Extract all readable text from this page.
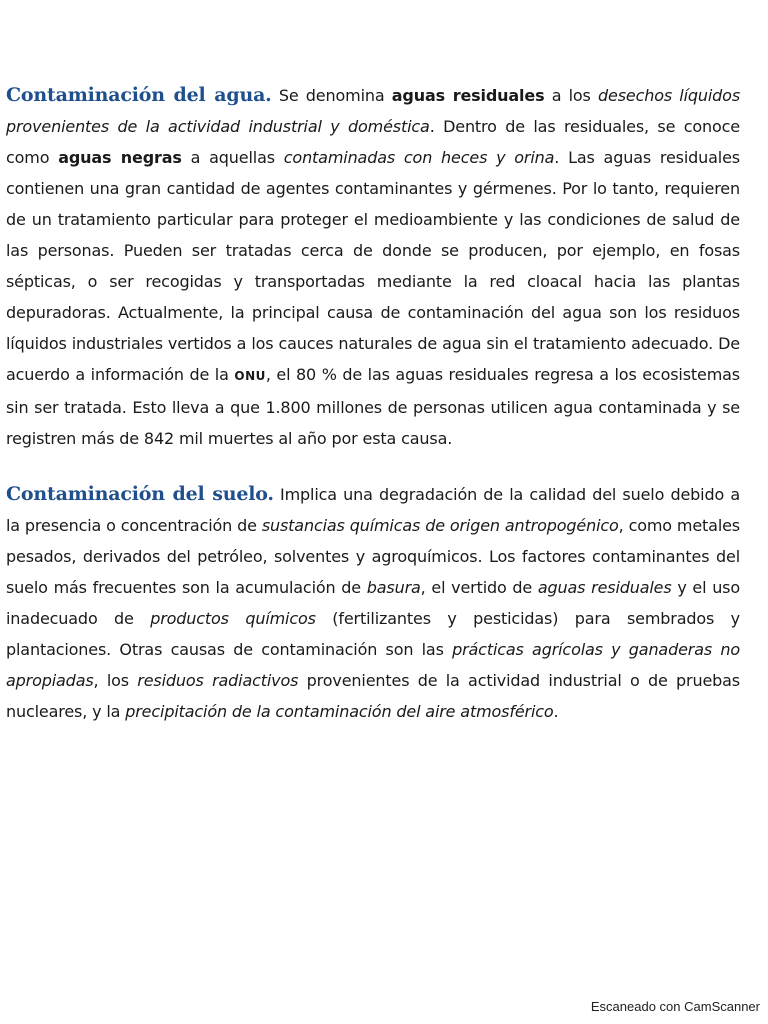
Contaminación del agua. Se denomina aguas residuales a los desechos líquidos provenientes de la actividad industrial y doméstica. Dentro de las residuales, se conoce como aguas negras a aquellas contaminadas con heces y orina. Las aguas residuales contienen una gran cantidad de agentes contaminantes y gérmenes. Por lo tanto, requieren de un tratamiento particular para proteger el medioambiente y las condiciones de salud de las personas. Pueden ser tratadas cerca de donde se producen, por ejemplo, en fosas sépticas, o ser recogidas y transportadas mediante la red cloacal hacia las plantas depuradoras. Actualmente, la principal causa de contaminación del agua son los residuos líquidos industriales vertidos a los cauces naturales de agua sin el tratamiento adecuado. De acuerdo a información de la ONU, el 80 % de las aguas residuales regresa a los ecosistemas sin ser tratada. Esto lleva a que 1.800 millones de personas utilicen agua contaminada y se registren más de 842 mil muertes al año por esta causa.

Contaminación del suelo. Implica una degradación de la calidad del suelo debido a la presencia o concentración de sustancias químicas de origen antropogénico, como metales pesados, derivados del petróleo, solventes y agroquímicos. Los factores contaminantes del suelo más frecuentes son la acumulación de basura, el vertido de aguas residuales y el uso inadecuado de productos químicos (fertilizantes y pesticidas) para sembrados y plantaciones. Otras causas de contaminación son las prácticas agrícolas y ganaderas no apropiadas, los residuos radiactivos provenientes de la actividad industrial o de pruebas nucleares, y la precipitación de la contaminación del aire atmosférico.

Escaneado con CamScanner
